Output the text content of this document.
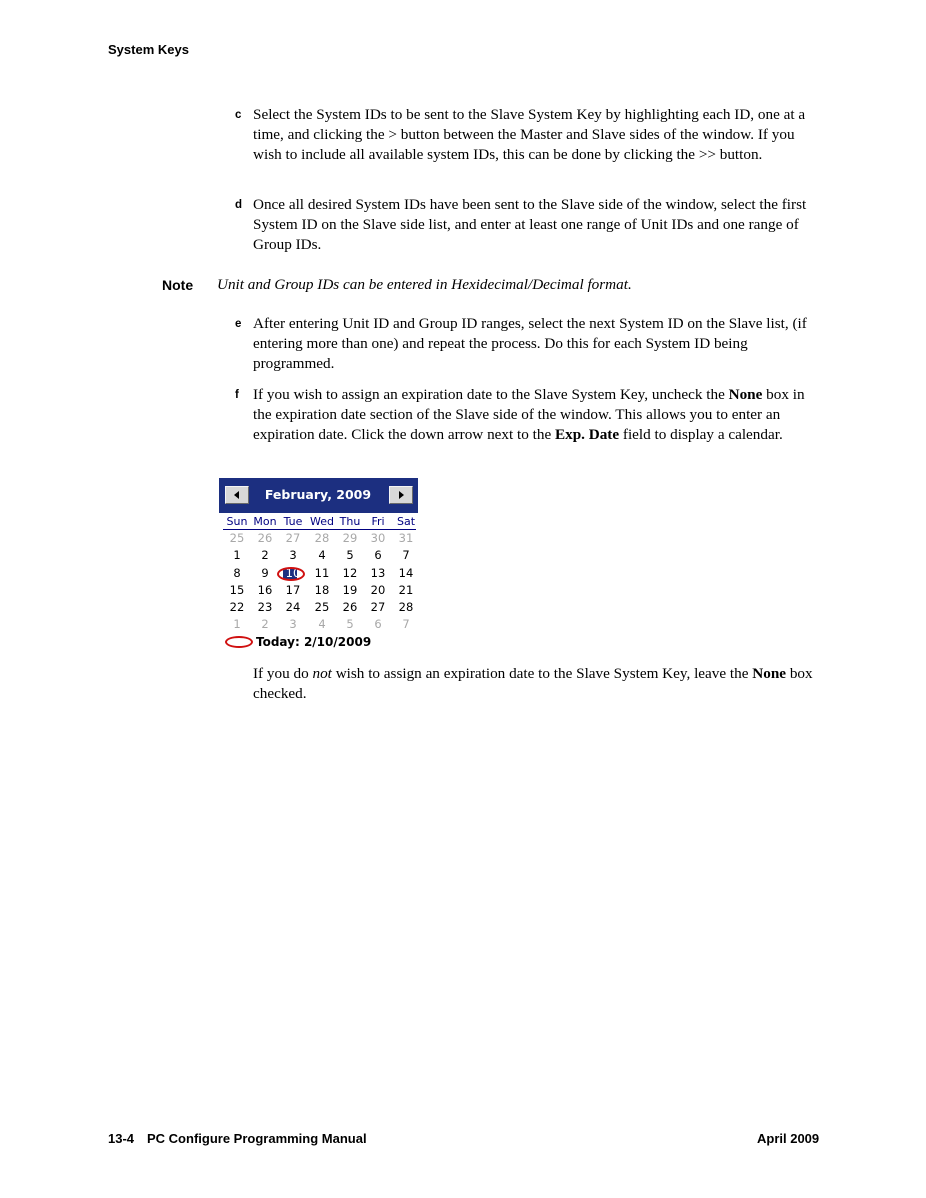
System Keys
c Select the System IDs to be sent to the Slave System Key by highlighting each ID, one at a time, and clicking the > button between the Master and Slave sides of the window. If you wish to include all available system IDs, this can be done by clicking the >> button.
d Once all desired System IDs have been sent to the Slave side of the window, select the first System ID on the Slave side list, and enter at least one range of Unit IDs and one range of Group IDs.
Note Unit and Group IDs can be entered in Hexidecimal/Decimal format.
e After entering Unit ID and Group ID ranges, select the next System ID on the Slave list, (if entering more than one) and repeat the process. Do this for each System ID being programmed.
f If you wish to assign an expiration date to the Slave System Key, uncheck the None box in the expiration date section of the Slave side of the window. This allows you to enter an expiration date. Click the down arrow next to the Exp. Date field to display a calendar.
February, 2009
Sun Mon Tue Wed Thu	Fri	Sat
25	26	27	28	29	30	31
1	2	3	4	5	6	7
8	9	10	11	12	13	14
15	16	17	18	19	20	21
22	23	24	25	26	27	28
1	2	3	4	5	6	7
Today: 2/10/2009
If you do not wish to assign an expiration date to the Slave System Key, leave the None box checked.
13-4 PC Configure Programming Manual	April 2009
